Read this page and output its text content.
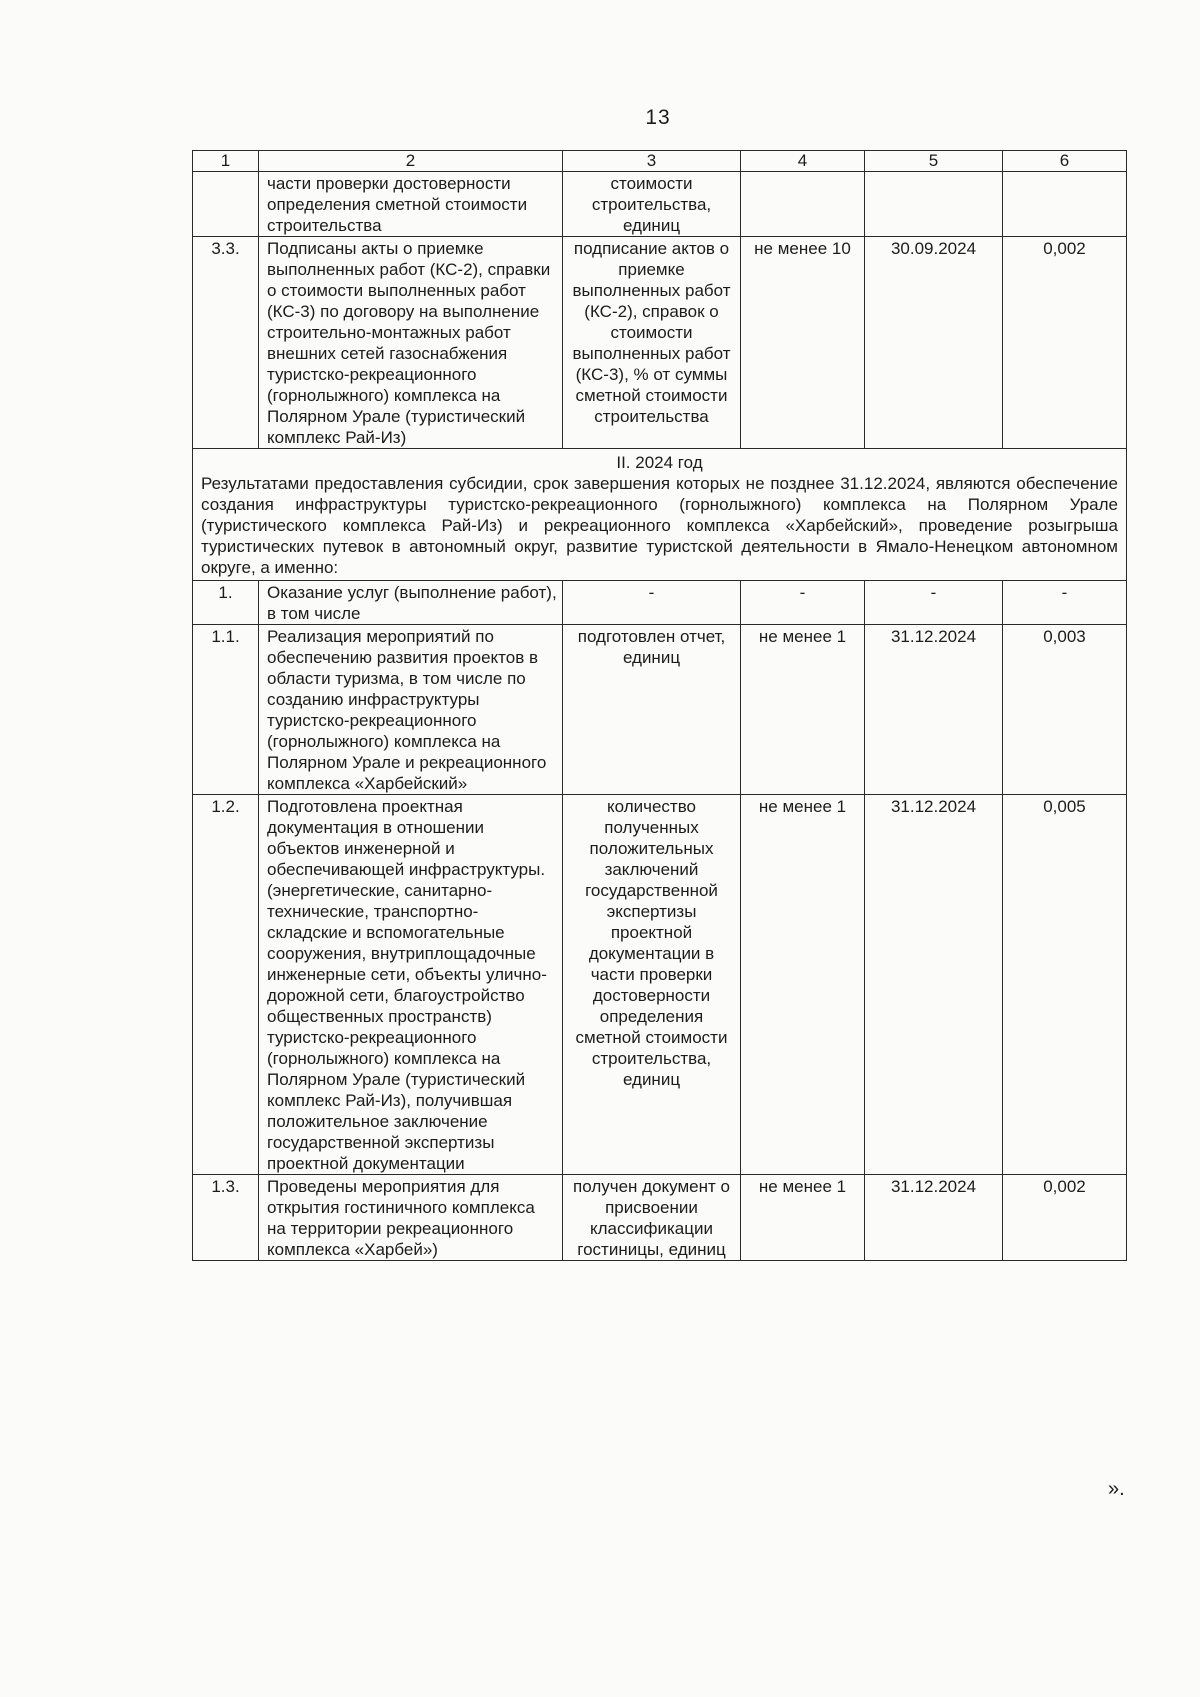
13
1	2	3	4	5	6
	части проверки достоверности определения сметной стоимости строительства	стоимости строительства, единиц			
3.3.	Подписаны акты о приемке выполненных работ (КС-2), справки о стоимости выполненных работ (КС-3) по договору на выполнение строительно-монтажных работ внешних сетей газоснабжения туристско-рекреационного (горнолыжного) комплекса на Полярном Урале (туристический комплекс Рай-Из)	подписание актов о приемке выполненных работ (КС-2), справок о стоимости выполненных работ (КС-3), % от суммы сметной стоимости строительства	не менее 10	30.09.2024	0,002

II. 2024 год
Результатами предоставления субсидии, срок завершения которых не позднее 31.12.2024, являются обеспечение создания инфраструктуры туристско-рекреационного (горнолыжного) комплекса на Полярном Урале (туристического комплекса Рай-Из) и рекреационного комплекса «Харбейский», проведение розыгрыша туристических путевок в автономный округ, развитие туристской деятельности в Ямало-Ненецком автономном округе, а именно:					

1.	Оказание услуг (выполнение работ), в том числе	-	-	-	-
1.1.	Реализация мероприятий по обеспечению развития проектов в области туризма, в том числе по созданию инфраструктуры туристско-рекреационного (горнолыжного) комплекса на Полярном Урале и рекреационного комплекса «Харбейский»	подготовлен отчет, единиц	не менее 1	31.12.2024	0,003
1.2.	Подготовлена проектная документация в отношении объектов инженерной и обеспечивающей инфраструктуры. (энергетические, санитарно-технические, транспортно-складские и вспомогательные сооружения, внутриплощадочные инженерные сети, объекты улично-дорожной сети, благоустройство общественных пространств) туристско-рекреационного (горнолыжного) комплекса на Полярном Урале (туристический комплекс Рай-Из), получившая положительное заключение государственной экспертизы проектной документации	количество полученных положительных заключений государственной экспертизы проектной документации в части проверки достоверности определения сметной стоимости строительства, единиц	не менее 1	31.12.2024	0,005
1.3.	Проведены мероприятия для открытия гостиничного комплекса на территории рекреационного комплекса «Харбей»)	получен документ о присвоении классификации гостиницы, единиц	не менее 1	31.12.2024	0,002
».
